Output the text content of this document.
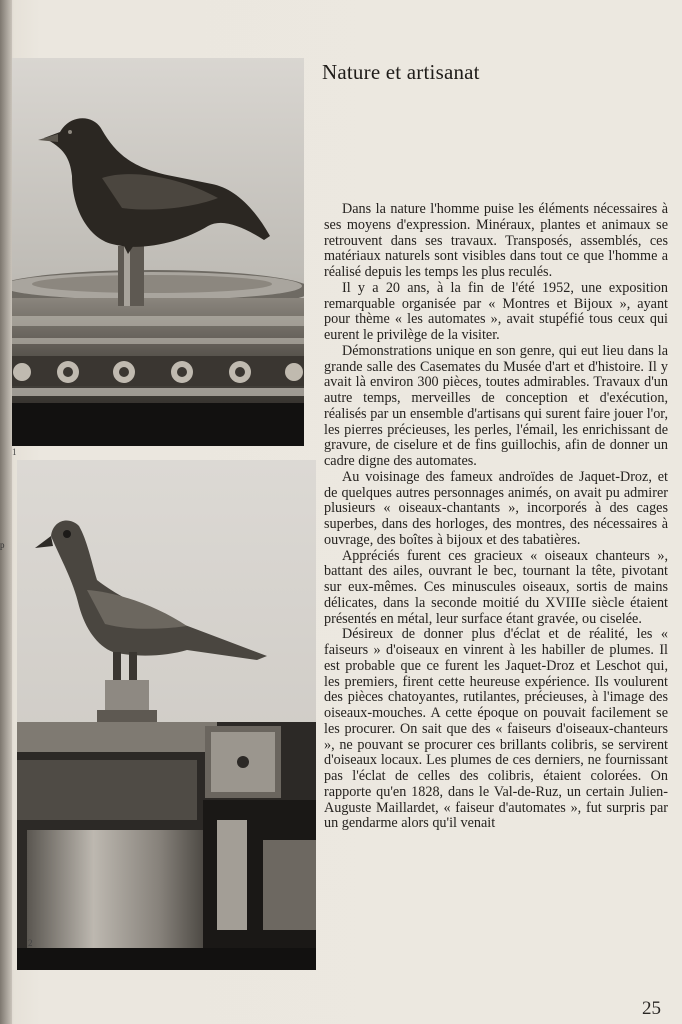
p
1
2
Nature et artisanat

Dans la nature l'homme puise les éléments nécessaires à ses moyens d'expression. Minéraux, plantes et animaux se retrouvent dans ses travaux. Transposés, assemblés, ces matériaux naturels sont visibles dans tout ce que l'homme a réalisé depuis les temps les plus reculés.

Il y a 20 ans, à la fin de l'été 1952, une exposition remarquable organisée par « Montres et Bijoux », ayant pour thème « les automates », avait stupéfié tous ceux qui eurent le privilège de la visiter.

Démonstrations unique en son genre, qui eut lieu dans la grande salle des Casemates du Musée d'art et d'histoire. Il y avait là environ 300 pièces, toutes admirables. Travaux d'un autre temps, merveilles de conception et d'exécution, réalisés par un ensemble d'artisans qui surent faire jouer l'or, les pierres précieuses, les perles, l'émail, les enrichissant de gravure, de ciselure et de fins guillochis, afin de donner un cadre digne des automates.

Au voisinage des fameux androïdes de Jaquet-Droz, et de quelques autres personnages animés, on avait pu admirer plusieurs « oiseaux-chantants », incorporés à des cages superbes, dans des horloges, des montres, des nécessaires à ouvrage, des boîtes à bijoux et des tabatières.

Appréciés furent ces gracieux « oiseaux chanteurs », battant des ailes, ouvrant le bec, tournant la tête, pivotant sur eux-mêmes. Ces minuscules oiseaux, sortis de mains délicates, dans la seconde moitié du XVIIIe siècle étaient présentés en métal, leur surface étant gravée, ou ciselée.

Désireux de donner plus d'éclat et de réalité, les « faiseurs » d'oiseaux en vinrent à les habiller de plumes. Il est probable que ce furent les Jaquet-Droz et Leschot qui, les premiers, firent cette heureuse expérience. Ils voulurent des pièces chatoyantes, rutilantes, précieuses, à l'image des oiseaux-mouches. A cette époque on pouvait facilement se les procurer. On sait que des « faiseurs d'oiseaux-chanteurs », ne pouvant se procurer ces brillants colibris, se servirent d'oiseaux locaux. Les plumes de ces derniers, ne fournissant pas l'éclat de celles des colibris, étaient colorées. On rapporte qu'en 1828, dans le Val-de-Ruz, un certain Julien-Auguste Maillardet, « faiseur d'automates », fut surpris par un gendarme alors qu'il venait

25
